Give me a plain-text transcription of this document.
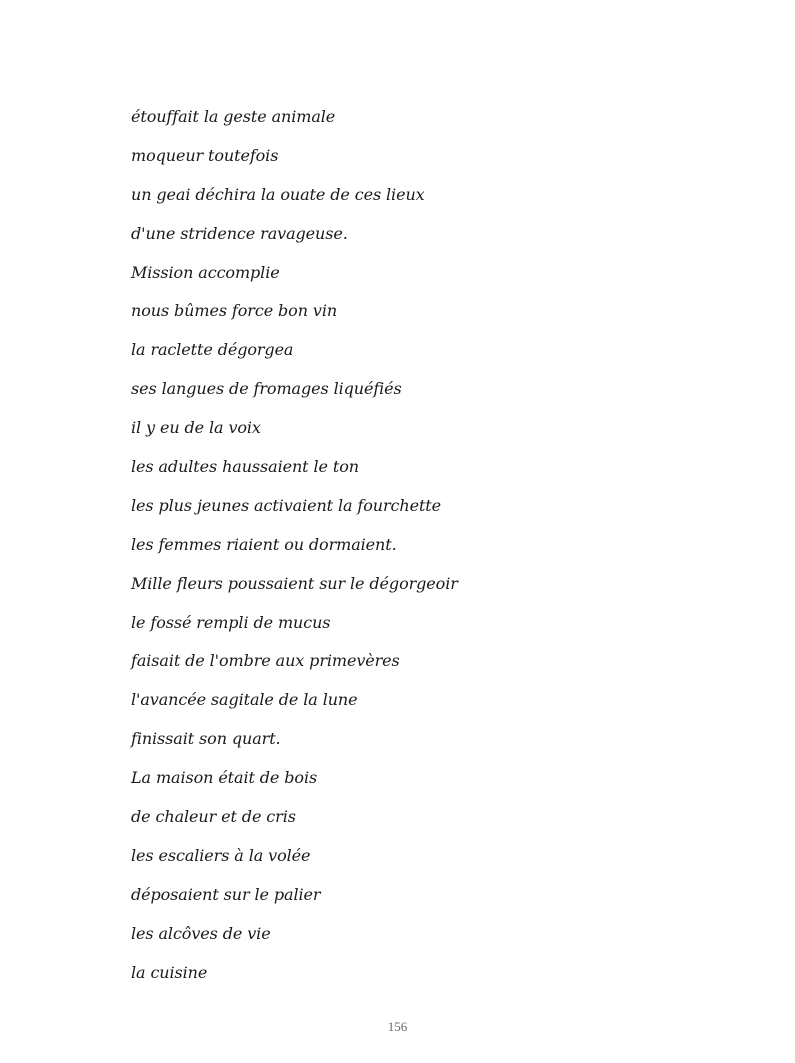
étouffait la geste animale
moqueur toutefois
un geai déchira la ouate de ces lieux
d'une stridence ravageuse.
Mission accomplie
nous bûmes force bon vin
la raclette dégorgea
ses langues de fromages liquéfiés
il y eu de la voix
les adultes haussaient le ton
les plus jeunes activaient la fourchette
les femmes riaient ou dormaient.
Mille fleurs poussaient sur le dégorgeoir
le fossé rempli de mucus
faisait de l'ombre aux primevères
l'avancée sagitale de la lune
finissait son quart.
La maison était de bois
de chaleur et de cris
les escaliers à la volée
déposaient sur le palier
les alcôves de vie
la cuisine
156
